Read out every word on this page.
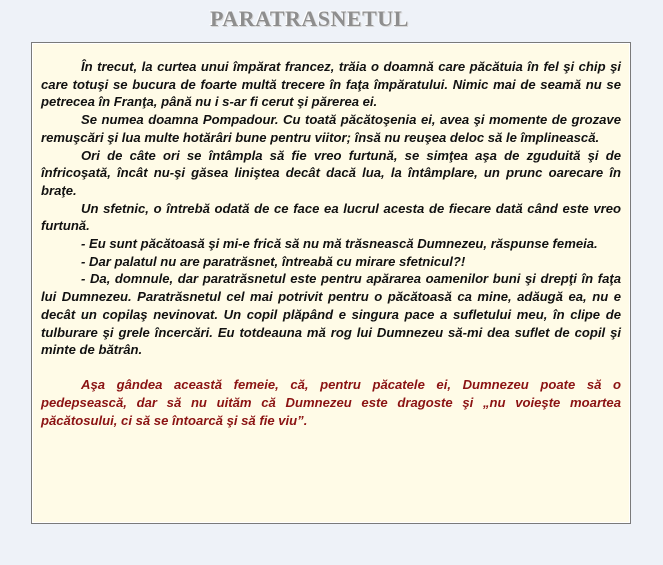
PARATRASNETUL

În trecut, la curtea unui împărat francez, trăia o doamnă care păcătuia în fel şi chip şi care totuşi se bucura de foarte multă trecere în faţa împăratului. Nimic mai de seamă nu se petrecea în Franţa, până nu i s-ar fi cerut şi părerea ei.

Se numea doamna Pompadour. Cu toată păcătoşenia ei, avea şi momente de grozave remuşcări şi lua multe hotărâri bune pentru viitor; însă nu reuşea deloc să le împlinească.

Ori de câte ori se întâmpla să fie vreo furtună, se simţea aşa de zguduită şi de înfricoşată, încât nu-şi găsea liniştea decât dacă lua, la întâmplare, un prunc oarecare în braţe.

Un sfetnic, o întrebă odată de ce face ea lucrul acesta de fiecare dată când este vreo furtună.

- Eu sunt păcătoasă şi mi-e frică să nu mă trăsnească Dumnezeu, răspunse femeia.

- Dar palatul nu are paratrăsnet, întreabă cu mirare sfetnicul?!

- Da, domnule, dar paratrăsnetul este pentru apărarea oamenilor buni şi drepţi în faţa lui Dumnezeu. Paratrăsnetul cel mai potrivit pentru o păcătoasă ca mine, adăugă ea, nu e decât un copilaş nevinovat. Un copil plăpând e singura pace a sufletului meu, în clipe de tulburare şi grele încercări. Eu totdeauna mă rog lui Dumnezeu să-mi dea suflet de copil şi minte de bătrân.

Aşa gândea această femeie, că, pentru păcatele ei, Dumnezeu poate să o pedepsească, dar să nu uităm că Dumnezeu este dragoste şi „nu voieşte moartea păcătosului, ci să se întoarcă şi să fie viu”.
